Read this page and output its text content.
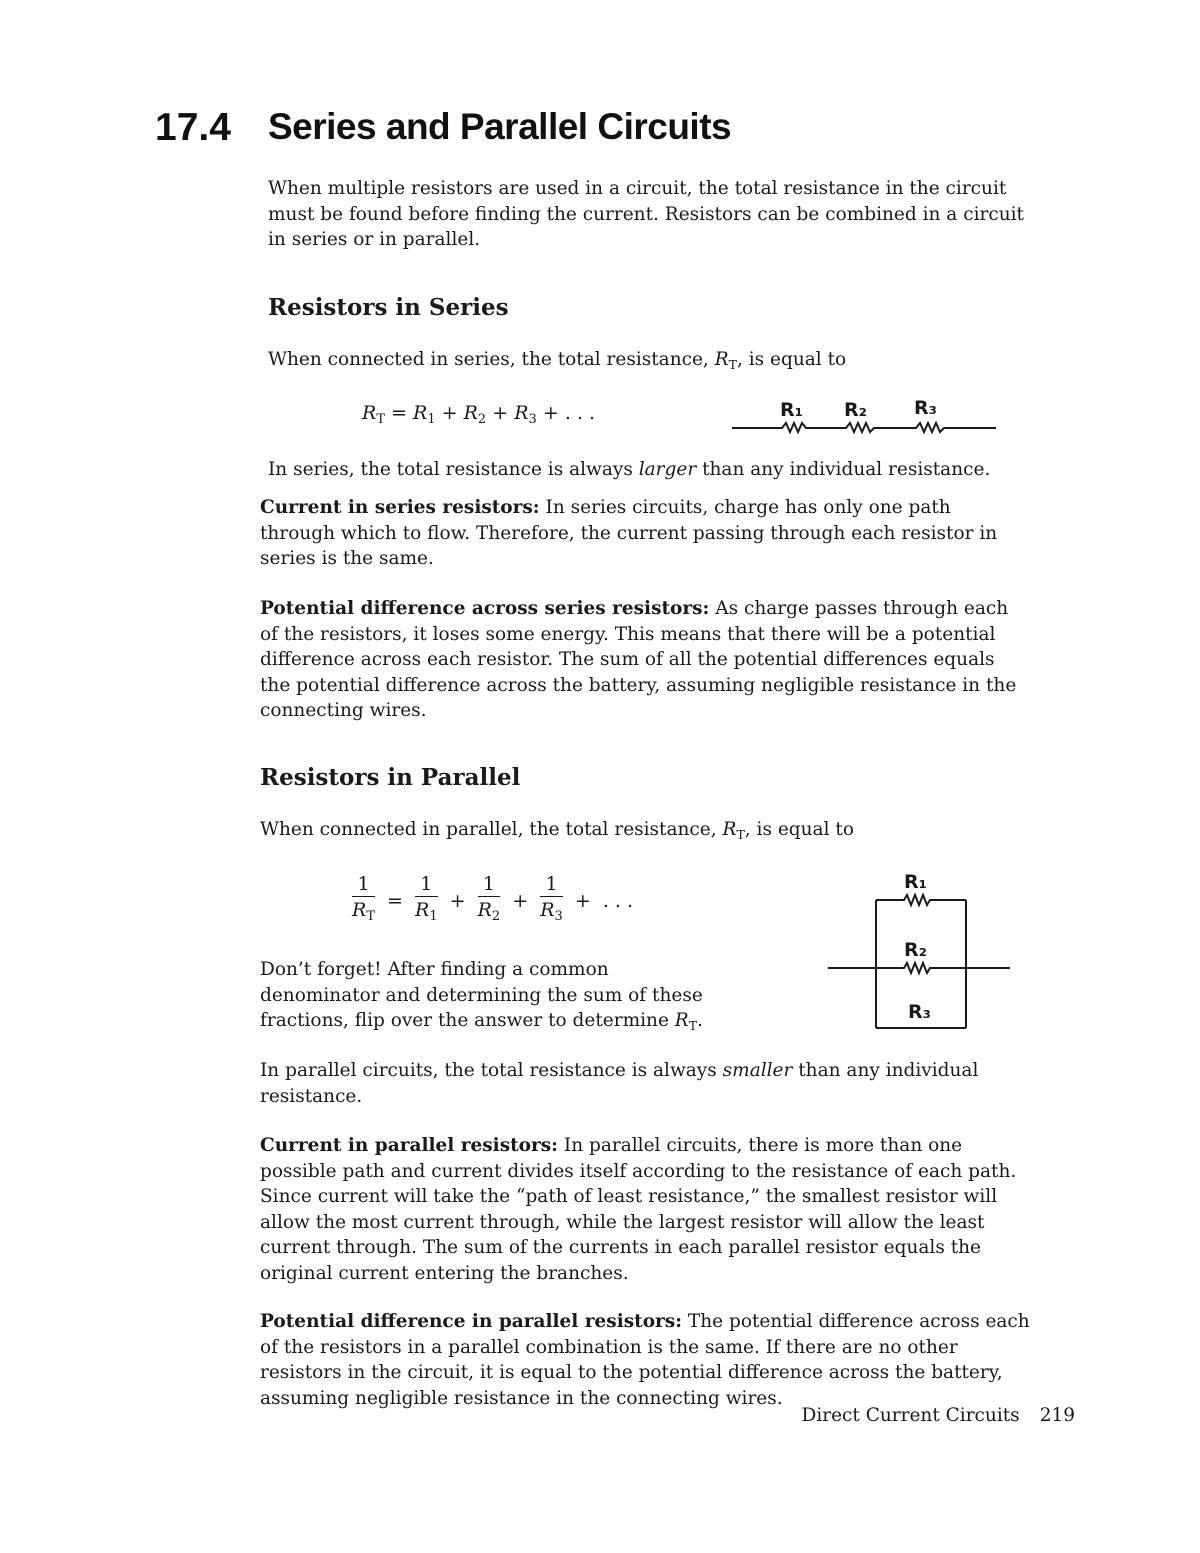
17.4 Series and Parallel Circuits

When multiple resistors are used in a circuit, the total resistance in the circuit must be found before finding the current. Resistors can be combined in a circuit in series or in parallel.

Resistors in Series

When connected in series, the total resistance, $R_T$, is equal to

$R_T = R_1 + R_2 + R_3$ + . . .	R₁ R₂ R₃

In series, the total resistance is always larger than any individual resistance.

Current in series resistors: In series circuits, charge has only one path through which to flow. Therefore, the current passing through each resistor in series is the same.

Potential difference across series resistors: As charge passes through each of the resistors, it loses some energy. This means that there will be a potential difference across each resistor. The sum of all the potential differences equals the potential difference across the battery, assuming negligible resistance in the connecting wires.

Resistors in Parallel

When connected in parallel, the total resistance, $R_T$, is equal to

$\frac{1}{R_T} = \frac{1}{R_1} + \frac{1}{R_2} + \frac{1}{R_3}$ + . . .
R₁
R₂
R₃

Don’t forget! After finding a common denominator and determining the sum of these fractions, flip over the answer to determine $R_T$.

In parallel circuits, the total resistance is always smaller than any individual resistance.

Current in parallel resistors: In parallel circuits, there is more than one possible path and current divides itself according to the resistance of each path. Since current will take the “path of least resistance,” the smallest resistor will allow the most current through, while the largest resistor will allow the least current through. The sum of the currents in each parallel resistor equals the original current entering the branches.

Potential difference in parallel resistors: The potential difference across each of the resistors in a parallel combination is the same. If there are no other resistors in the circuit, it is equal to the potential difference across the battery, assuming negligible resistance in the connecting wires.

Direct Current Circuits 219
